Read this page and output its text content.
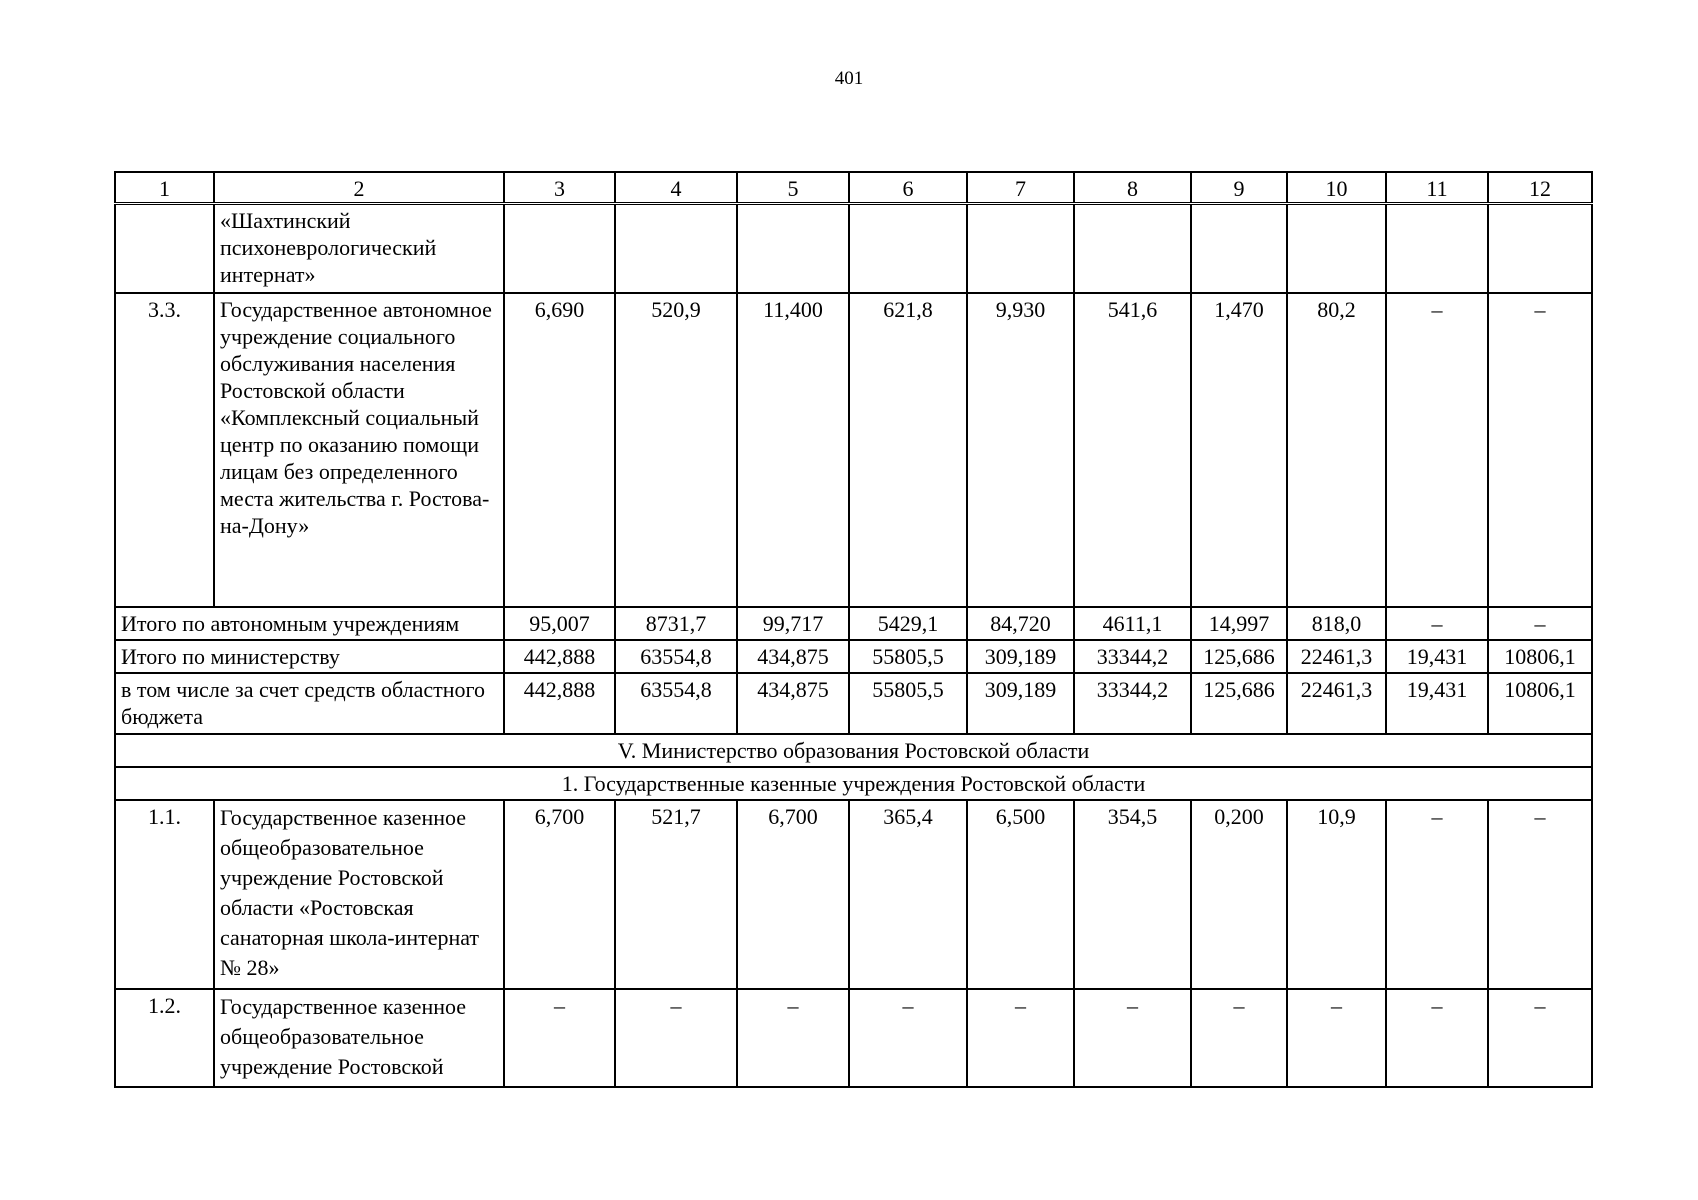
401
1	2	3	4	5	6	7	8	9	10	11	12
	«Шахтинский психоневрологический интернат»										
3.3.	Государственное автономное учреждение социального обслуживания населения Ростовской области «Комплексный социальный центр по оказанию помощи лицам без определенного места жительства г. Ростова-на-Дону»	6,690	520,9	11,400	621,8	9,930	541,6	1,470	80,2	–	–
Итого по автономным учреждениям		95,007	8731,7	99,717	5429,1	84,720	4611,1	14,997	818,0	–	–
Итого по министерству		442,888	63554,8	434,875	55805,5	309,189	33344,2	125,686	22461,3	19,431	10806,1
в том числе за счет средств областного бюджета		442,888	63554,8	434,875	55805,5	309,189	33344,2	125,686	22461,3	19,431	10806,1
V. Министерство образования Ростовской области											
1. Государственные казенные учреждения Ростовской области											
1.1.	Государственное казенное общеобразовательное учреждение Ростовской области «Ростовская санаторная школа-интернат № 28»	6,700	521,7	6,700	365,4	6,500	354,5	0,200	10,9	–	–
1.2.	Государственное казенное общеобразовательное учреждение Ростовской	–	–	–	–	–	–	–	–	–	–
